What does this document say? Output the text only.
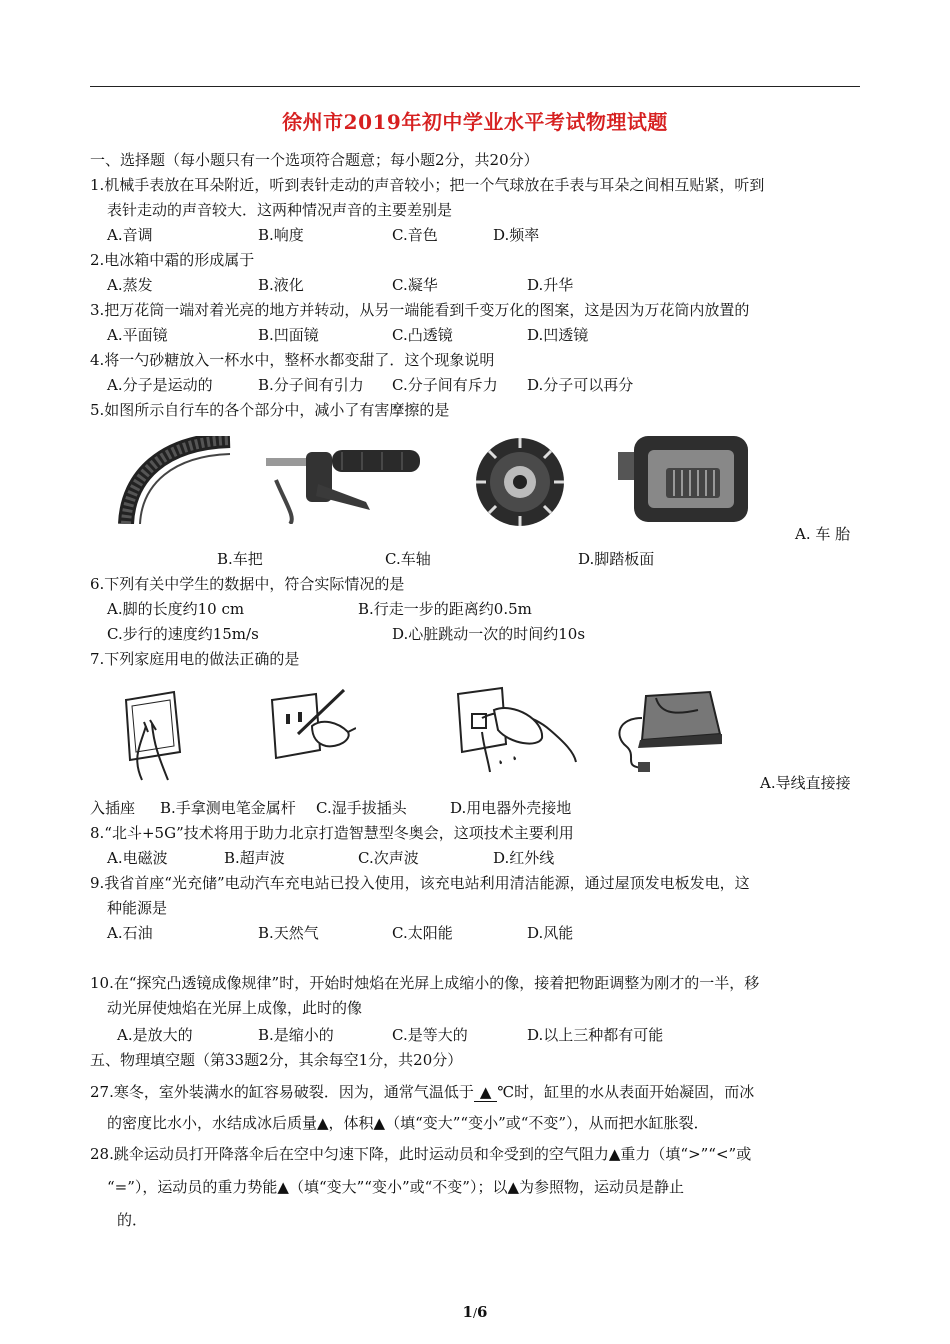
徐州市2019年初中学业水平考试物理试题
一、选择题（每小题只有一个选项符合题意；每小题2分，共20分）
1.机械手表放在耳朵附近，听到表针走动的声音较小；把一个气球放在手表与耳朵之间相互贴紧，听到
表针走动的声音较大．这两种情况声音的主要差别是
A.音调	B.响度	C.音色	D.频率
2.电冰箱中霜的形成属于
A.蒸发	B.液化	C.凝华	D.升华
3.把万花筒一端对着光亮的地方并转动，从另一端能看到千变万化的图案，这是因为万花筒内放置的
A.平面镜	B.凹面镜	C.凸透镜	D.凹透镜
4.将一勺砂糖放入一杯水中，整杯水都变甜了．这个现象说明
A.分子是运动的	B.分子间有引力 C.分子间有斥力 D.分子可以再分
5.如图所示自行车的各个部分中，减小了有害摩擦的是
A. 车 胎
B.车把	C.车轴	D.脚踏板面
6.下列有关中学生的数据中，符合实际情况的是
A.脚的长度约10 cm	B.行走一步的距离约0.5m
C.步行的速度约15m/s	D.心脏跳动一次的时间约10s
7.下列家庭用电的做法正确的是
A.导线直接接
入插座 B.手拿测电笔金属杆 C.湿手拔插头	D.用电器外壳接地
8.“北斗+5G”技术将用于助力北京打造智慧型冬奥会，这项技术主要利用
A.电磁波	B.超声波	C.次声波	D.红外线
9.我省首座“光充储”电动汽车充电站已投入使用，该充电站利用清洁能源，通过屋顶发电板发电，这
种能源是
A.石油	B.天然气	C.太阳能	D.风能
10.在“探究凸透镜成像规律”时，开始时烛焰在光屏上成缩小的像，接着把物距调整为刚才的一半，移
动光屏使烛焰在光屏上成像，此时的像
A.是放大的	B.是缩小的	C.是等大的	D.以上三种都有可能
五、物理填空题（第33题2分，其余每空1分，共20分）
27.寒冬，室外装满水的缸容易破裂．因为，通常气温低于 ▲ ℃时，缸里的水从表面开始凝固，而冰
的密度比水小，水结成冰后质量▲，体积▲（填“变大”“变小”或“不变”），从而把水缸胀裂．
28.跳伞运动员打开降落伞后在空中匀速下降，此时运动员和伞受到的空气阻力▲重力（填“>”“<”或
“=”），运动员的重力势能▲（填“变大”“变小”或“不变”）；以▲为参照物，运动员是静止
的．
1/6
